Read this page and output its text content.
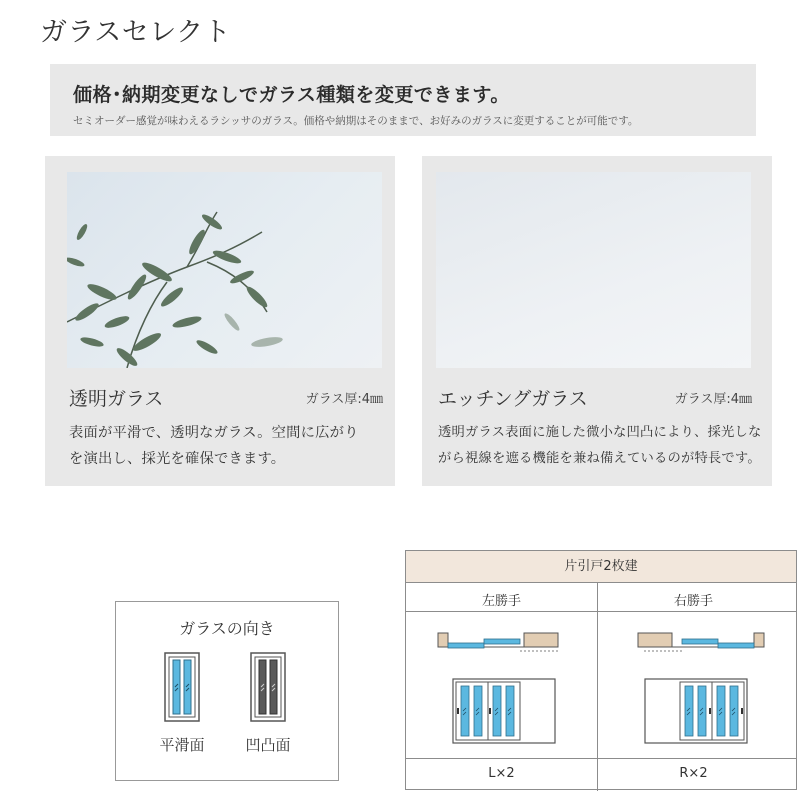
ガラスセレクト
価格･納期変更なしでガラス種類を変更できます。
セミオーダー感覚が味わえるラシッサのガラス。価格や納期はそのままで、お好みのガラスに変更することが可能です。
透明ガラス	ガラス厚:4㎜
表面が平滑で、透明なガラス。空間に広がり
を演出し、採光を確保できます。
エッチングガラス	ガラス厚:4㎜
透明ガラス表面に施した微小な凹凸により、採光しな
がら視線を遮る機能を兼ね備えているのが特長です。
ガラスの向き
平滑面	凹凸面
片引戸2枚建
左勝手	右勝手
L×2	R×2
